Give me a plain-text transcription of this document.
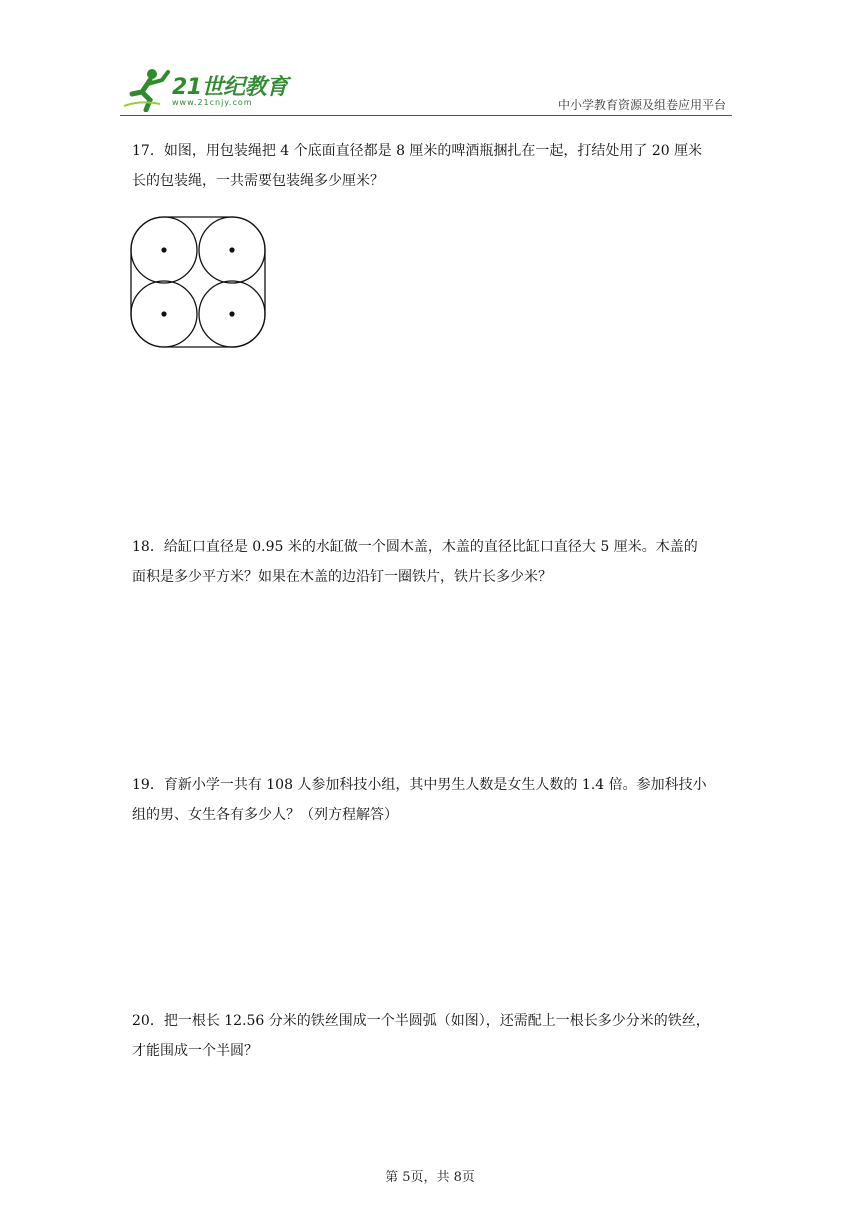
21世纪教育
www.21cnjy.com	中小学教育资源及组卷应用平台

17．如图，用包装绳把 4 个底面直径都是 8 厘米的啤酒瓶捆扎在一起，打结处用了 20 厘米

长的包装绳，一共需要包装绳多少厘米？

18．给缸口直径是 0.95 米的水缸做一个圆木盖，木盖的直径比缸口直径大 5 厘米。木盖的

面积是多少平方米？如果在木盖的边沿钉一圈铁片，铁片长多少米？

19．育新小学一共有 108 人参加科技小组，其中男生人数是女生人数的 1.4 倍。参加科技小

组的男、女生各有多少人？（列方程解答）

20．把一根长 12.56 分米的铁丝围成一个半圆弧（如图），还需配上一根长多少分米的铁丝，

才能围成一个半圆？

第 5页，共 8页
